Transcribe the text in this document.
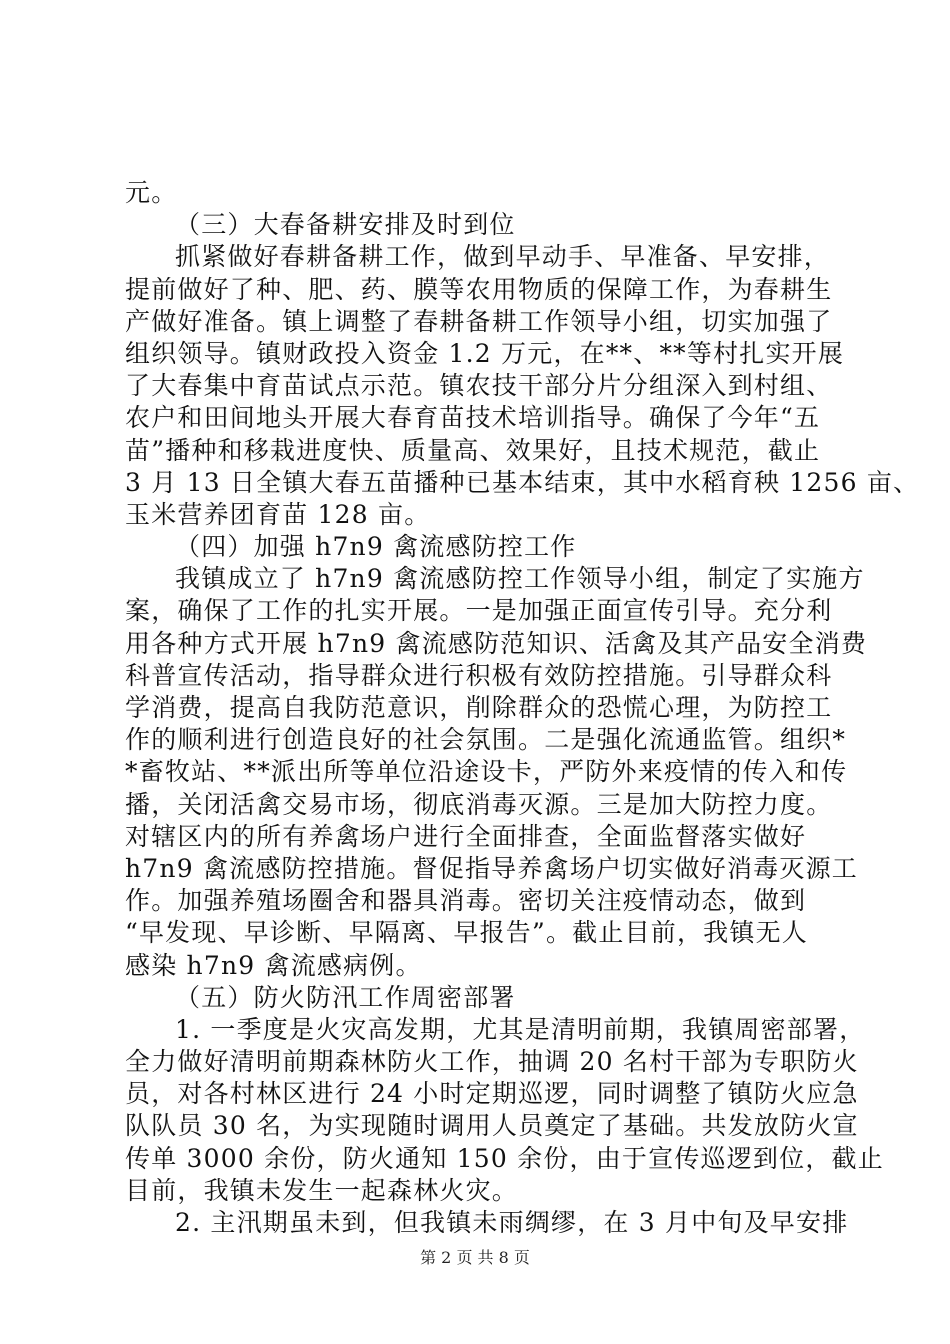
元。
（三）大春备耕安排及时到位
抓紧做好春耕备耕工作，做到早动手、早准备、早安排，
提前做好了种、肥、药、膜等农用物质的保障工作，为春耕生
产做好准备。镇上调整了春耕备耕工作领导小组，切实加强了
组织领导。镇财政投入资金 1.2 万元，在**、**等村扎实开展
了大春集中育苗试点示范。镇农技干部分片分组深入到村组、
农户和田间地头开展大春育苗技术培训指导。确保了今年“五
苗”播种和移栽进度快、质量高、效果好，且技术规范，截止
3 月 13 日全镇大春五苗播种已基本结束，其中水稻育秧 1256 亩、
玉米营养团育苗 128 亩。
（四）加强 h7n9 禽流感防控工作
我镇成立了 h7n9 禽流感防控工作领导小组，制定了实施方
案，确保了工作的扎实开展。一是加强正面宣传引导。充分利
用各种方式开展 h7n9 禽流感防范知识、活禽及其产品安全消费
科普宣传活动，指导群众进行积极有效防控措施。引导群众科
学消费，提高自我防范意识，削除群众的恐慌心理，为防控工
作的顺利进行创造良好的社会氛围。二是强化流通监管。组织*
*畜牧站、**派出所等单位沿途设卡，严防外来疫情的传入和传
播，关闭活禽交易市场，彻底消毒灭源。三是加大防控力度。
对辖区内的所有养禽场户进行全面排查，全面监督落实做好
h7n9 禽流感防控措施。督促指导养禽场户切实做好消毒灭源工
作。加强养殖场圈舍和器具消毒。密切关注疫情动态，做到
“早发现、早诊断、早隔离、早报告”。截止目前，我镇无人
感染 h7n9 禽流感病例。
（五）防火防汛工作周密部署
1. 一季度是火灾高发期，尤其是清明前期，我镇周密部署，
全力做好清明前期森林防火工作，抽调 20 名村干部为专职防火
员，对各村林区进行 24 小时定期巡逻，同时调整了镇防火应急
队队员 30 名，为实现随时调用人员奠定了基础。共发放防火宣
传单 3000 余份，防火通知 150 余份，由于宣传巡逻到位，截止
目前，我镇未发生一起森林火灾。
2. 主汛期虽未到，但我镇未雨绸缪，在 3 月中旬及早安排
第 2 页 共 8 页
